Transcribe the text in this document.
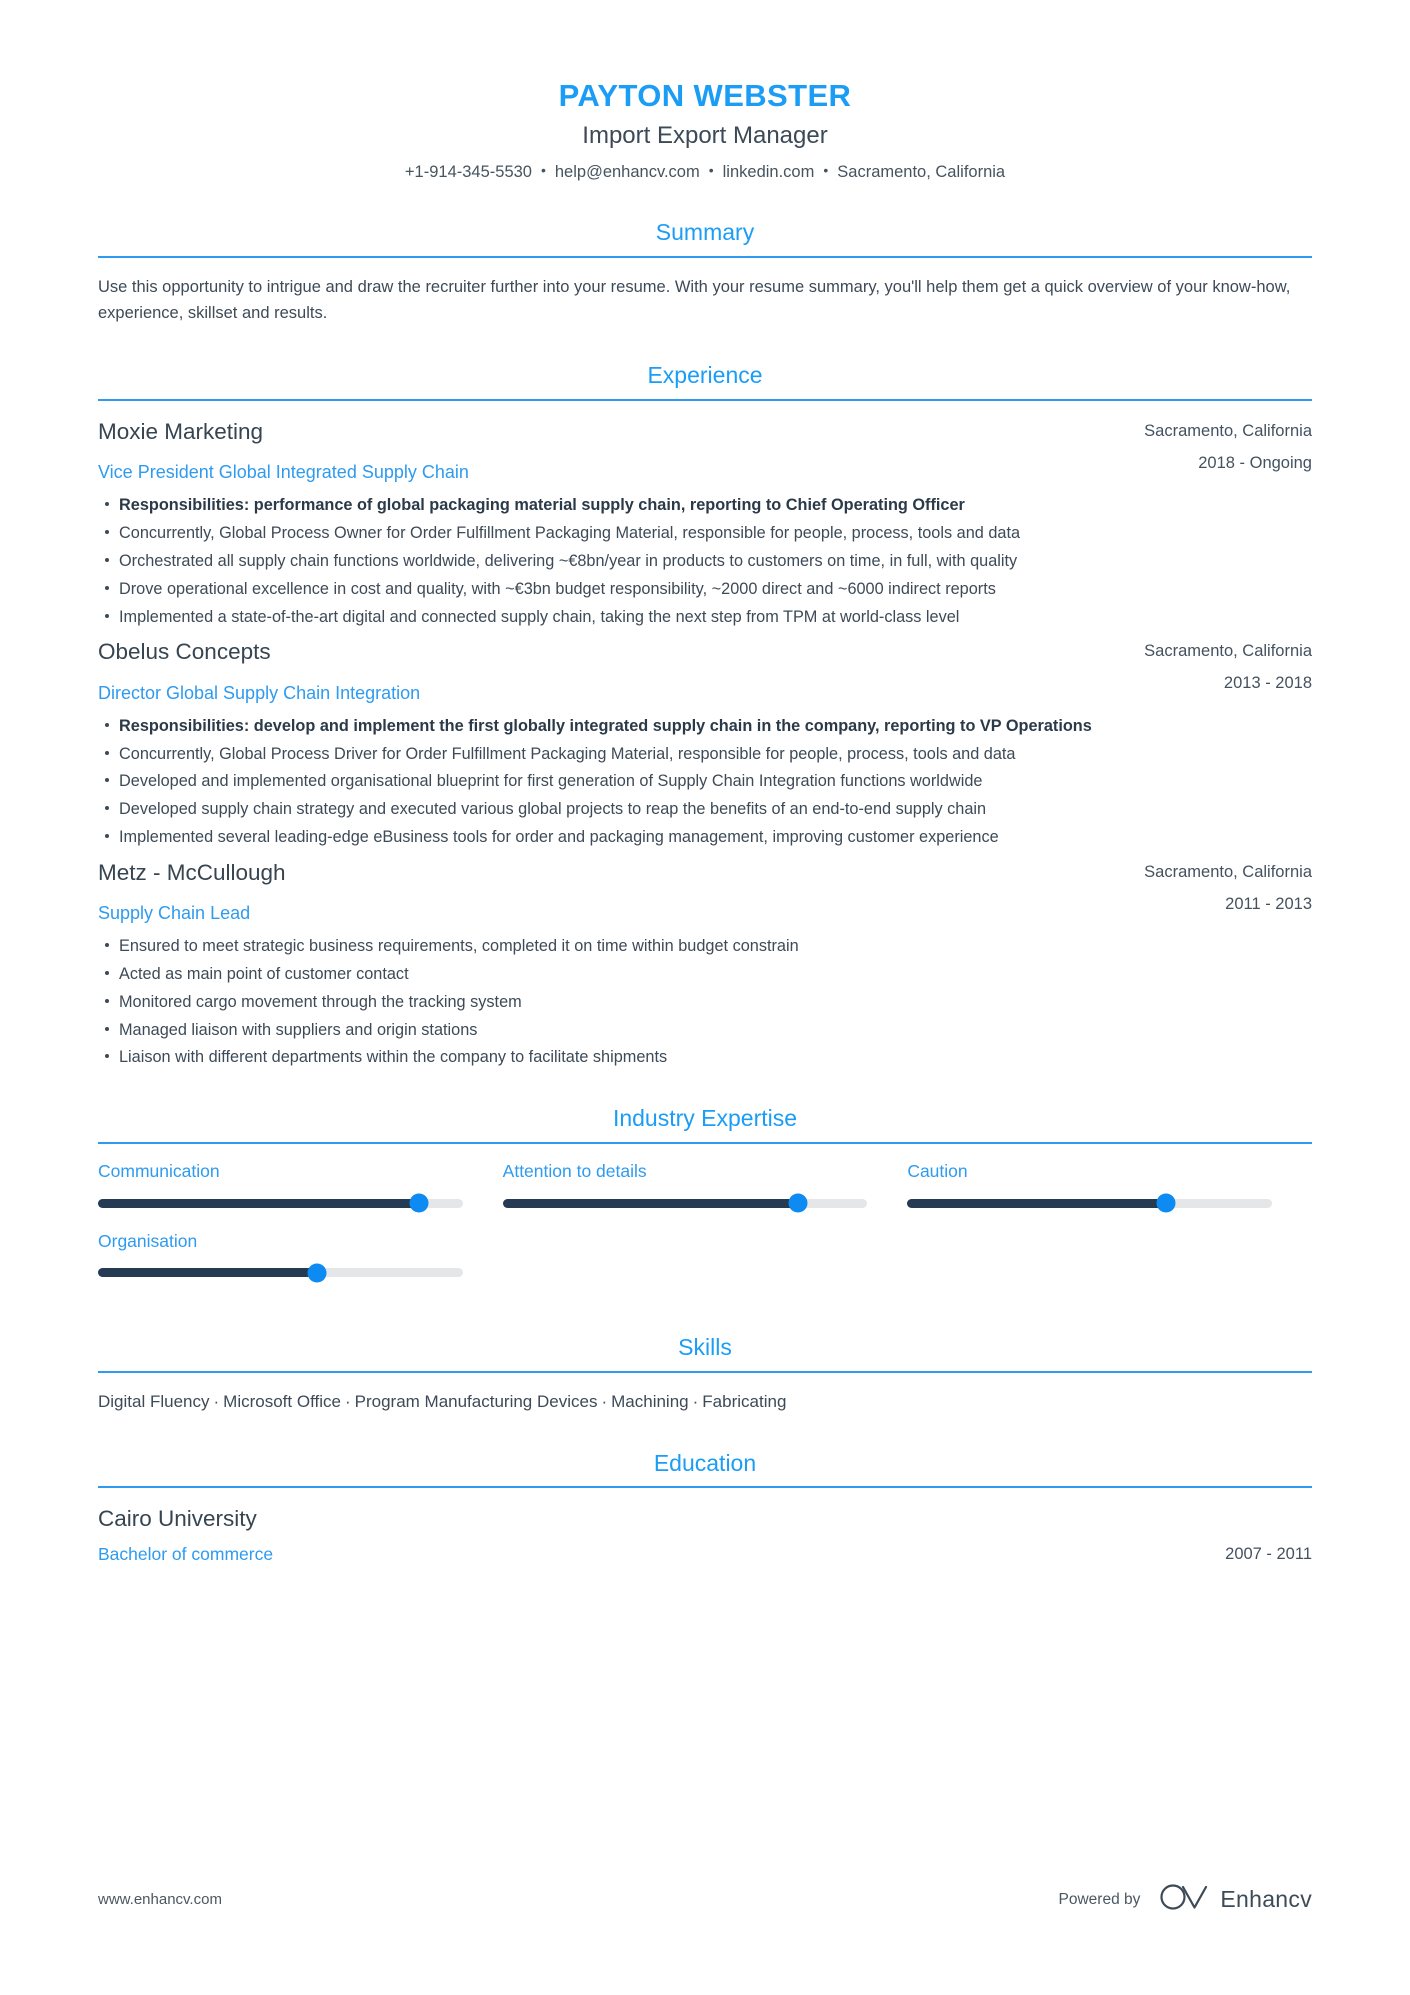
PAYTON WEBSTER
Import Export Manager
+1-914-345-5530 • help@enhancv.com • linkedin.com • Sacramento, California
Summary
Use this opportunity to intrigue and draw the recruiter further into your resume. With your resume summary, you'll help them get a quick overview of your know-how, experience, skillset and results.
Experience
Moxie Marketing
Vice President Global Integrated Supply Chain
Sacramento, California
2018 - Ongoing
Responsibilities: performance of global packaging material supply chain, reporting to Chief Operating Officer
Concurrently, Global Process Owner for Order Fulfillment Packaging Material, responsible for people, process, tools and data
Orchestrated all supply chain functions worldwide, delivering ~€8bn/year in products to customers on time, in full, with quality
Drove operational excellence in cost and quality, with ~€3bn budget responsibility, ~2000 direct and ~6000 indirect reports
Implemented a state-of-the-art digital and connected supply chain, taking the next step from TPM at world-class level
Obelus Concepts
Director Global Supply Chain Integration
Sacramento, California
2013 - 2018
Responsibilities: develop and implement the first globally integrated supply chain in the company, reporting to VP Operations
Concurrently, Global Process Driver for Order Fulfillment Packaging Material, responsible for people, process, tools and data
Developed and implemented organisational blueprint for first generation of Supply Chain Integration functions worldwide
Developed supply chain strategy and executed various global projects to reap the benefits of an end-to-end supply chain
Implemented several leading-edge eBusiness tools for order and packaging management, improving customer experience
Metz - McCullough
Supply Chain Lead
Sacramento, California
2011 - 2013
Ensured to meet strategic business requirements, completed it on time within budget constrain
Acted as main point of customer contact
Monitored cargo movement through the tracking system
Managed liaison with suppliers and origin stations
Liaison with different departments within the company to facilitate shipments
Industry Expertise
Communication	Attention to details	Caution
Organisation
Skills
Digital Fluency · Microsoft Office · Program Manufacturing Devices · Machining · Fabricating
Education
Cairo University
Bachelor of commerce	2007 - 2011
www.enhancv.com	Powered by	Enhancv
